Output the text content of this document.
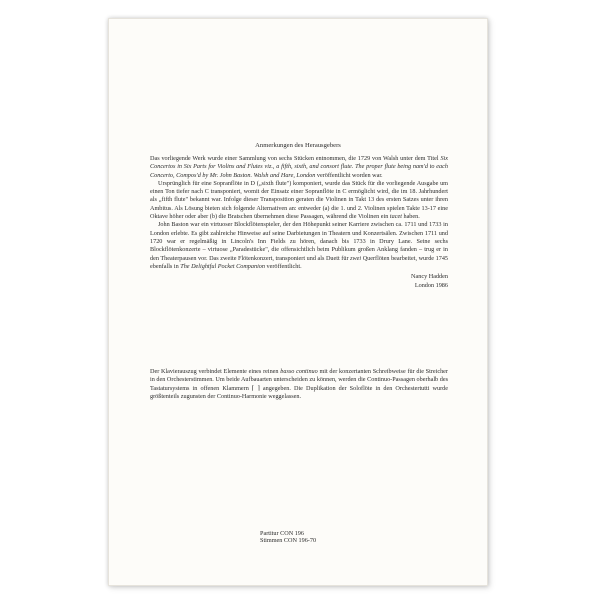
Anmerkungen des Herausgebers

Das vorliegende Werk wurde einer Sammlung von sechs Stücken entnommen, die 1729 von Walsh unter dem Titel Six Concertos in Six Parts for Violins and Flutes viz., a fifth, sixth, and consort flute. The proper flute being nam'd to each Concerto, Compos'd by Mr. John Baston. Walsh and Hare, London veröffentlicht worden war.

Ursprünglich für eine Sopranflöte in D („sixth flute") komponiert, wurde das Stück für die vorliegende Ausgabe um einen Ton tiefer nach C transponiert, womit der Einsatz einer Sopranflöte in C ermöglicht wird, die im 18. Jahrhundert als „fifth flute" bekannt war. Infolge dieser Transposition geraten die Violinen in Takt 13 des ersten Satzes unter ihren Ambitus. Als Lösung bieten sich folgende Alternativen an: entweder (a) die 1. und 2. Violinen spielen Takte 13-17 eine Oktave höher oder aber (b) die Bratschen übernehmen diese Passagen, während die Violinen ein tacet haben.

John Baston war ein virtuoser Blockflötenspieler, der den Höhepunkt seiner Karriere zwischen ca. 1711 und 1733 in London erlebte. Es gibt zahlreiche Hinweise auf seine Darbietungen in Theatern und Konzertsälen. Zwischen 1711 und 1720 war er regelmäßig in Lincoln's Inn Fields zu hören, danach bis 1733 in Drury Lane. Seine sechs Blockflötenkonzerte – virtuose „Paradestücke", die offensichtlich beim Publikum großen Anklang fanden – trug er in den Theaterpausen vor. Das zweite Flötenkonzert, transponiert und als Duett für zwei Querflöten bearbeitet, wurde 1745 ebenfalls in The Delightful Pocket Companion veröffentlicht.

Nancy Hadden
London 1986

Der Klavierauszug verbindet Elemente eines reinen basso continuo mit der konzertanten Schreibweise für die Streicher in den Orchesterstimmen. Um beide Aufbauarten unterscheiden zu können, werden die Continuo-Passagen oberhalb des Tastatursystems in offenen Klammern ⌈ ⌉ angegeben. Die Duplikation der Soloflöte in den Orchestertutti wurde größtenteils zugunsten der Continuo-Harmonie weggelassen.

Partitur CON 196
Stimmen CON 196-70
